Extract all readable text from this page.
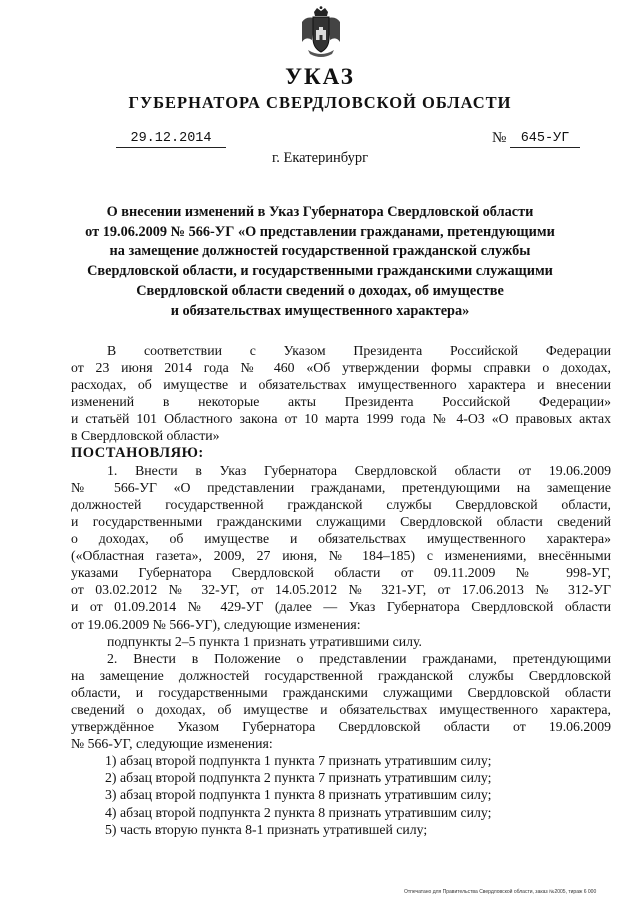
УКАЗ
ГУБЕРНАТОРА СВЕРДЛОВСКОЙ ОБЛАСТИ
29.12.2014	№	645-УГ
г. Екатеринбург
О внесении изменений в Указ Губернатора Свердловской области
от 19.06.2009 № 566-УГ «О представлении гражданами, претендующими
на замещение должностей государственной гражданской службы
Свердловской области, и государственными гражданскими служащими
Свердловской области сведений о доходах, об имуществе
и обязательствах имущественного характера»
В соответствии с Указом Президента Российской Федерации
от 23 июня 2014 года № 460 «Об утверждении формы справки о доходах,
расходах, об имуществе и обязательствах имущественного характера и внесении
изменений в некоторые акты Президента Российской Федерации»
и статьёй 101 Областного закона от 10 марта 1999 года № 4-ОЗ «О правовых актах
в Свердловской области»
ПОСТАНОВЛЯЮ:
1. Внести в Указ Губернатора Свердловской области от 19.06.2009
№ 566-УГ «О представлении гражданами, претендующими на замещение
должностей государственной гражданской службы Свердловской области,
и государственными гражданскими служащими Свердловской области сведений
о доходах, об имуществе и обязательствах имущественного характера»
(«Областная газета», 2009, 27 июня, № 184–185) с изменениями, внесёнными
указами Губернатора Свердловской области от 09.11.2009 № 998-УГ,
от 03.02.2012 № 32-УГ, от 14.05.2012 № 321-УГ, от 17.06.2013 № 312-УГ
и от 01.09.2014 № 429-УГ (далее — Указ Губернатора Свердловской области
от 19.06.2009 № 566-УГ), следующие изменения:
подпункты 2–5 пункта 1 признать утратившими силу.
2. Внести в Положение о представлении гражданами, претендующими
на замещение должностей государственной гражданской службы Свердловской
области, и государственными гражданскими служащими Свердловской области
сведений о доходах, об имуществе и обязательствах имущественного характера,
утверждённое Указом Губернатора Свердловской области от 19.06.2009
№ 566-УГ, следующие изменения:
1) абзац второй подпункта 1 пункта 7 признать утратившим силу;
2) абзац второй подпункта 2 пункта 7 признать утратившим силу;
3) абзац второй подпункта 1 пункта 8 признать утратившим силу;
4) абзац второй подпункта 2 пункта 8 признать утратившим силу;
5) часть вторую пункта 8-1 признать утратившей силу;
Отпечатано для Правительства Свердловской области, заказ №2005, тираж 6 000
